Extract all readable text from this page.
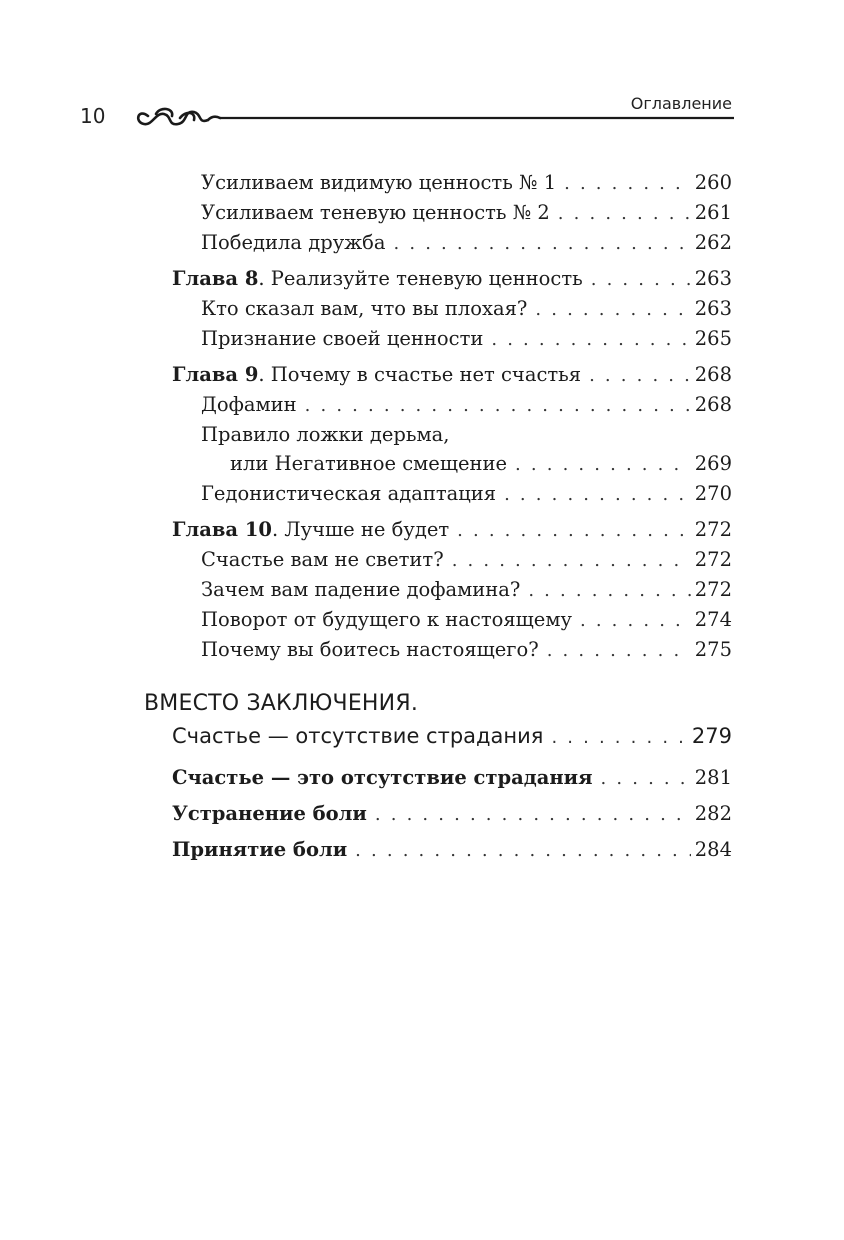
10
Оглавление
Усиливаем видимую ценность № 1 . . .	260
Усиливаем теневую ценность № 2 . . .	261
Победила дружба . . .	262
Глава 8. Реализуйте теневую ценность . . .	263
Кто сказал вам, что вы плохая? . . .	263
Признание своей ценности . . .	265
Глава 9. Почему в счастье нет счастья . . .	268
Дофамин . . .	268
Правило ложки дерьма,
или Негативное смещение . . .	269
Гедонистическая адаптация . . .	270
Глава 10. Лучше не будет . . .	272
Счастье вам не светит? . . .	272
Зачем вам падение дофамина? . . .	272
Поворот от будущего к настоящему . . .	274
Почему вы боитесь настоящего? . . .	275
ВМЕСТО ЗАКЛЮЧЕНИЯ.
Счастье — отсутствие страдания . . .	279
Счастье — это отсутствие страдания . . .	281
Устранение боли . . .	282
Принятие боли . . .	284
